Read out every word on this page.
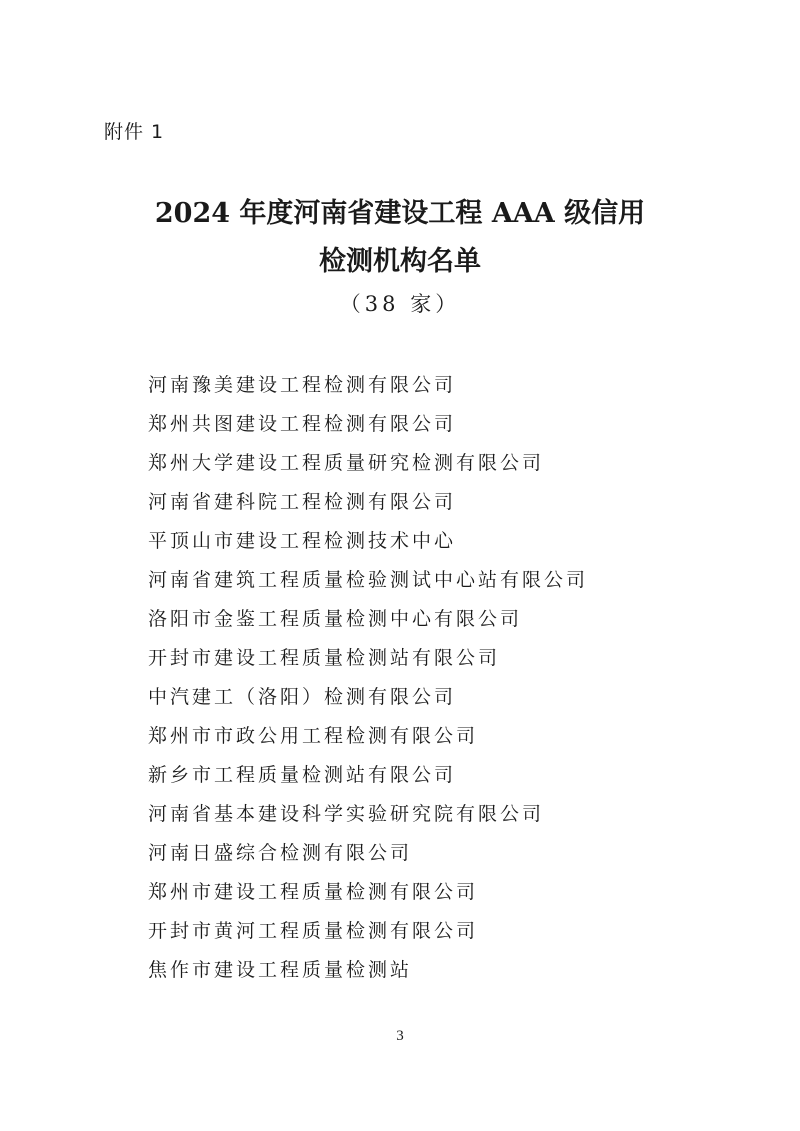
附件 1

2024 年度河南省建设工程 AAA 级信用
检测机构名单

（38 家）

河南豫美建设工程检测有限公司
郑州共图建设工程检测有限公司
郑州大学建设工程质量研究检测有限公司
河南省建科院工程检测有限公司
平顶山市建设工程检测技术中心
河南省建筑工程质量检验测试中心站有限公司
洛阳市金鉴工程质量检测中心有限公司
开封市建设工程质量检测站有限公司
中汽建工（洛阳）检测有限公司
郑州市市政公用工程检测有限公司
新乡市工程质量检测站有限公司
河南省基本建设科学实验研究院有限公司
河南日盛综合检测有限公司
郑州市建设工程质量检测有限公司
开封市黄河工程质量检测有限公司
焦作市建设工程质量检测站

3
